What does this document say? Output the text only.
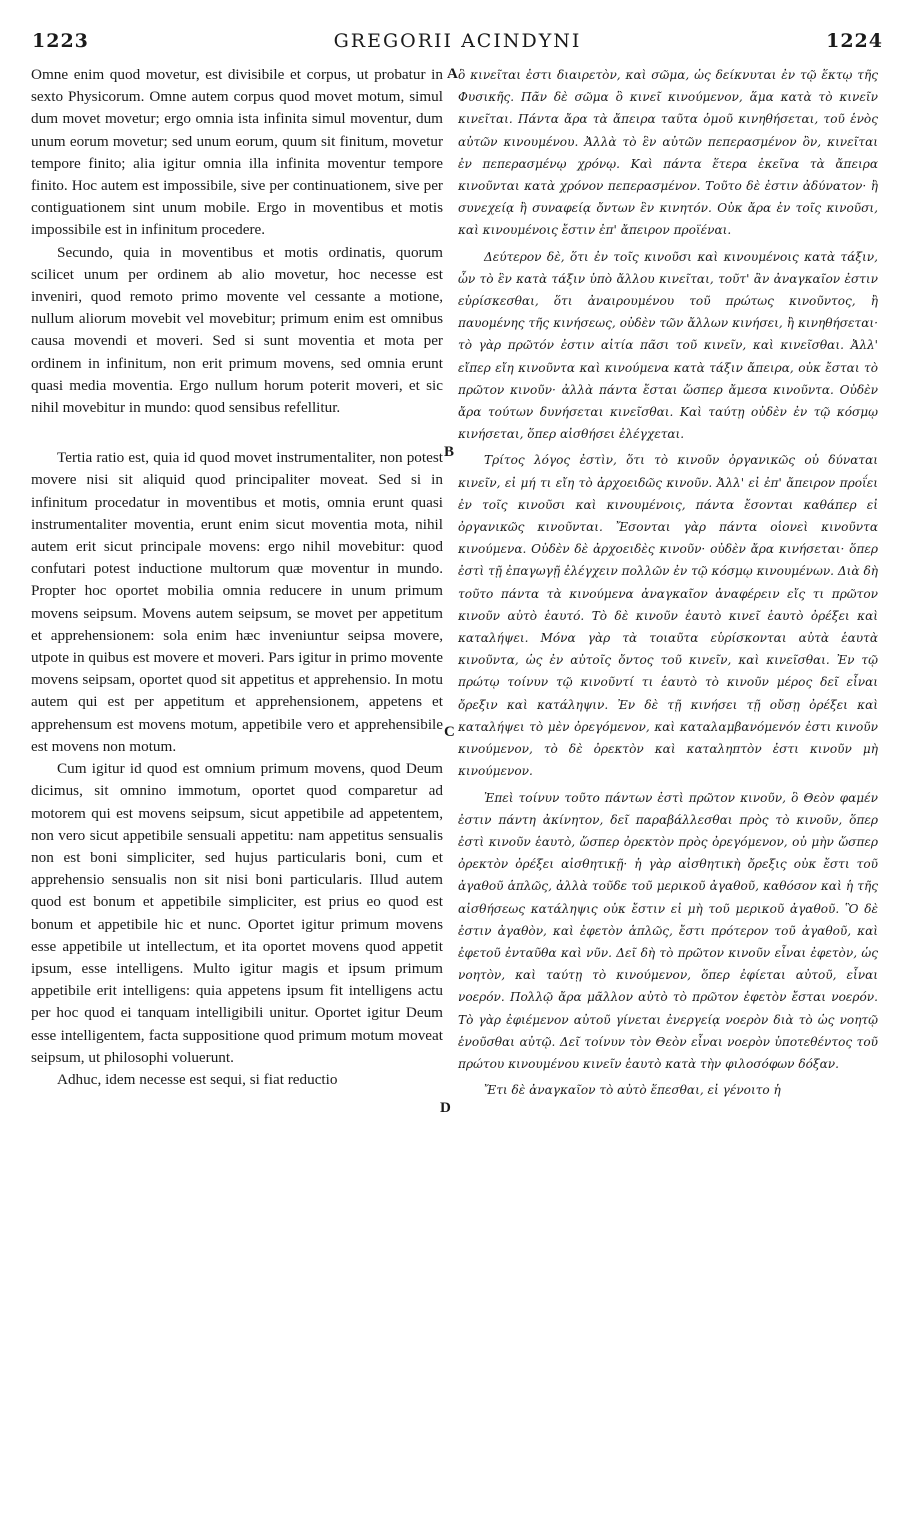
1223	GREGORII ACINDYNI	1224

Omne enim quod movetur, est divisibile et corpus, ut probatur in sexto Physicorum. Omne autem corpus quod movet motum, simul dum movet movetur; ergo omnia ista infinita simul moventur, dum unum eorum movetur; sed unum eorum, quum sit finitum, movetur tempore finito; alia igitur omnia illa infinita moventur tempore finito. Hoc autem est impossibile, sive per continuationem, sive per contiguationem sint unum mobile. Ergo in moventibus et motis impossibile est in infinitum procedere.

Secundo, quia in moventibus et motis ordinatis, quorum scilicet unum per ordinem ab alio movetur, hoc necesse est inveniri, quod remoto primo movente vel cessante a motione, nullum aliorum movebit vel movebitur; primum enim est omnibus causa movendi et moveri. Sed si sunt moventia et mota per ordinem in infinitum, non erit primum movens, sed omnia erunt quasi media moventia. Ergo nullum horum poterit moveri, et sic nihil movebitur in mundo: quod sensibus refellitur.

Tertia ratio est, quia id quod movet instrumentaliter, non potest movere nisi sit aliquid quod principaliter moveat. Sed si in infinitum procedatur in moventibus et motis, omnia erunt quasi instrumentaliter moventia, erunt enim sicut moventia mota, nihil autem erit sicut principale movens: ergo nihil movebitur: quod confutari potest inductione multorum quæ moventur in mundo. Propter hoc oportet mobilia omnia reducere in unum primum movens seipsum. Movens autem seipsum, se movet per appetitum et apprehensionem: sola enim hæc inveniuntur seipsa movere, utpote in quibus est movere et moveri. Pars igitur in primo movente movens seipsam, oportet quod sit appetitus et apprehensio. In motu autem qui est per appetitum et apprehensionem, appetens et apprehensum est movens motum, appetibile vero et apprehensibile est movens non motum.

Cum igitur id quod est omnium primum movens, quod Deum dicimus, sit omnino immotum, oportet quod comparetur ad motorem qui est movens seipsum, sicut appetibile ad appetentem, non vero sicut appetibile sensuali appetitu: nam appetitus sensualis non est boni simpliciter, sed hujus particularis boni, cum et apprehensio sensualis non sit nisi boni particularis. Illud autem quod est bonum et appetibile simpliciter, est prius eo quod est bonum et appetibile hic et nunc. Oportet igitur primum movens esse appetibile ut intellectum, et ita oportet movens quod appetit ipsum, esse intelligens. Multo igitur magis et ipsum primum appetibile erit intelligens: quia appetens ipsum fit intelligens actu per hoc quod ei tanquam intelligibili unitur. Oportet igitur Deum esse intelligentem, facta suppositione quod primum motum moveat seipsum, ut philosophi voluerunt.

Adhuc, idem necesse est sequi, si fiat reductio

A
B
C
D

ὃ κινεῖται ἐστι διαιρετὸν, καὶ σῶμα, ὡς δείκνυται ἐν τῷ ἕκτῳ τῆς Φυσικῆς. Πᾶν δὲ σῶμα ὃ κινεῖ κινούμενον, ἅμα κατὰ τὸ κινεῖν κινεῖται. Πάντα ἄρα τὰ ἄπειρα ταῦτα ὁμοῦ κινηθήσεται, τοῦ ἑνὸς αὐτῶν κινουμένου. Ἀλλὰ τὸ ἓν αὐτῶν πεπερασμένον ὂν, κινεῖται ἐν πεπερασμένῳ χρόνῳ. Καὶ πάντα ἕτερα ἐκεῖνα τὰ ἄπειρα κινοῦνται κατὰ χρόνον πεπερασμένον. Τοῦτο δὲ ἐστιν ἀδύνατον· ἢ συνεχείᾳ ἢ συναφείᾳ ὄντων ἓν κινητόν. Οὐκ ἄρα ἐν τοῖς κινοῦσι, καὶ κινουμένοις ἔστιν ἐπ' ἄπειρον προϊέναι.

Δεύτερον δὲ, ὅτι ἐν τοῖς κινοῦσι καὶ κινουμένοις κατὰ τάξιν, ὧν τὸ ἓν κατὰ τάξιν ὑπὸ ἄλλου κινεῖται, τοῦτ' ἂν ἀναγκαῖον ἐστιν εὑρίσκεσθαι, ὅτι ἀναιρουμένου τοῦ πρώτως κινοῦντος, ἢ παυομένης τῆς κινήσεως, οὐδὲν τῶν ἄλλων κινήσει, ἢ κινηθήσεται· τὸ γὰρ πρῶτόν ἐστιν αἰτία πᾶσι τοῦ κινεῖν, καὶ κινεῖσθαι. Ἀλλ' εἴπερ εἴη κινοῦντα καὶ κινούμενα κατὰ τάξιν ἄπειρα, οὐκ ἔσται τὸ πρῶτον κινοῦν· ἀλλὰ πάντα ἔσται ὥσπερ ἄμεσα κινοῦντα. Οὐδὲν ἄρα τούτων δυνήσεται κινεῖσθαι. Καὶ ταύτῃ οὐδὲν ἐν τῷ κόσμῳ κινήσεται, ὅπερ αἰσθήσει ἐλέγχεται.

Τρίτος λόγος ἐστὶν, ὅτι τὸ κινοῦν ὀργανικῶς οὐ δύναται κινεῖν, εἰ μή τι εἴη τὸ ἀρχοειδῶς κινοῦν. Ἀλλ' εἰ ἐπ' ἄπειρον προΐει ἐν τοῖς κινοῦσι καὶ κινουμένοις, πάντα ἔσονται καθάπερ εἰ ὀργανικῶς κινοῦνται. Ἔσονται γὰρ πάντα οἱονεὶ κινοῦντα κινούμενα. Οὐδὲν δὲ ἀρχοειδὲς κινοῦν· οὐδὲν ἄρα κινήσεται· ὅπερ ἐστὶ τῇ ἐπαγωγῇ ἐλέγχειν πολλῶν ἐν τῷ κόσμῳ κινουμένων. Διὰ δὴ τοῦτο πάντα τὰ κινούμενα ἀναγκαῖον ἀναφέρειν εἴς τι πρῶτον κινοῦν αὐτὸ ἑαυτό. Τὸ δὲ κινοῦν ἑαυτὸ κινεῖ ἑαυτὸ ὀρέξει καὶ καταλήψει. Μόνα γὰρ τὰ τοιαῦτα εὑρίσκονται αὐτὰ ἑαυτὰ κινοῦντα, ὡς ἐν αὐτοῖς ὄντος τοῦ κινεῖν, καὶ κινεῖσθαι. Ἐν τῷ πρώτῳ τοίνυν τῷ κινοῦντί τι ἑαυτὸ τὸ κινοῦν μέρος δεῖ εἶναι ὄρεξιν καὶ κατάληψιν. Ἐν δὲ τῇ κινήσει τῇ οὔσῃ ὀρέξει καὶ καταλήψει τὸ μὲν ὀρεγόμενον, καὶ καταλαμβανόμενόν ἐστι κινοῦν κινούμενον, τὸ δὲ ὀρεκτὸν καὶ καταληπτὸν ἐστι κινοῦν μὴ κινούμενον.

Ἐπεὶ τοίνυν τοῦτο πάντων ἐστὶ πρῶτον κινοῦν, ὃ Θεὸν φαμέν ἐστιν πάντη ἀκίνητον, δεῖ παραβάλλεσθαι πρὸς τὸ κινοῦν, ὅπερ ἐστὶ κινοῦν ἑαυτὸ, ὥσπερ ὀρεκτὸν πρὸς ὀρεγόμενον, οὐ μὴν ὥσπερ ὀρεκτὸν ὀρέξει αἰσθητικῇ· ἡ γὰρ αἰσθητικὴ ὄρεξις οὐκ ἔστι τοῦ ἀγαθοῦ ἁπλῶς, ἀλλὰ τοῦδε τοῦ μερικοῦ ἀγαθοῦ, καθόσον καὶ ἡ τῆς αἰσθήσεως κατάληψις οὐκ ἔστιν εἰ μὴ τοῦ μερικοῦ ἀγαθοῦ. Ὃ δὲ ἐστιν ἀγαθὸν, καὶ ἐφετὸν ἁπλῶς, ἔστι πρότερον τοῦ ἀγαθοῦ, καὶ ἐφετοῦ ἐνταῦθα καὶ νῦν. Δεῖ δὴ τὸ πρῶτον κινοῦν εἶναι ἐφετὸν, ὡς νοητὸν, καὶ ταύτῃ τὸ κινούμενον, ὅπερ ἐφίεται αὐτοῦ, εἶναι νοερόν. Πολλῷ ἄρα μᾶλλον αὐτὸ τὸ πρῶτον ἐφετὸν ἔσται νοερόν. Τὸ γὰρ ἐφιέμενον αὐτοῦ γίνεται ἐνεργείᾳ νοερὸν διὰ τὸ ὡς νοητῷ ἑνοῦσθαι αὐτῷ. Δεῖ τοίνυν τὸν Θεὸν εἶναι νοερὸν ὑποτεθέντος τοῦ πρώτου κινουμένου κινεῖν ἑαυτὸ κατὰ τὴν φιλοσόφων δόξαν.

Ἔτι δὲ ἀναγκαῖον τὸ αὐτὸ ἕπεσθαι, εἰ γένοιτο ἡ
